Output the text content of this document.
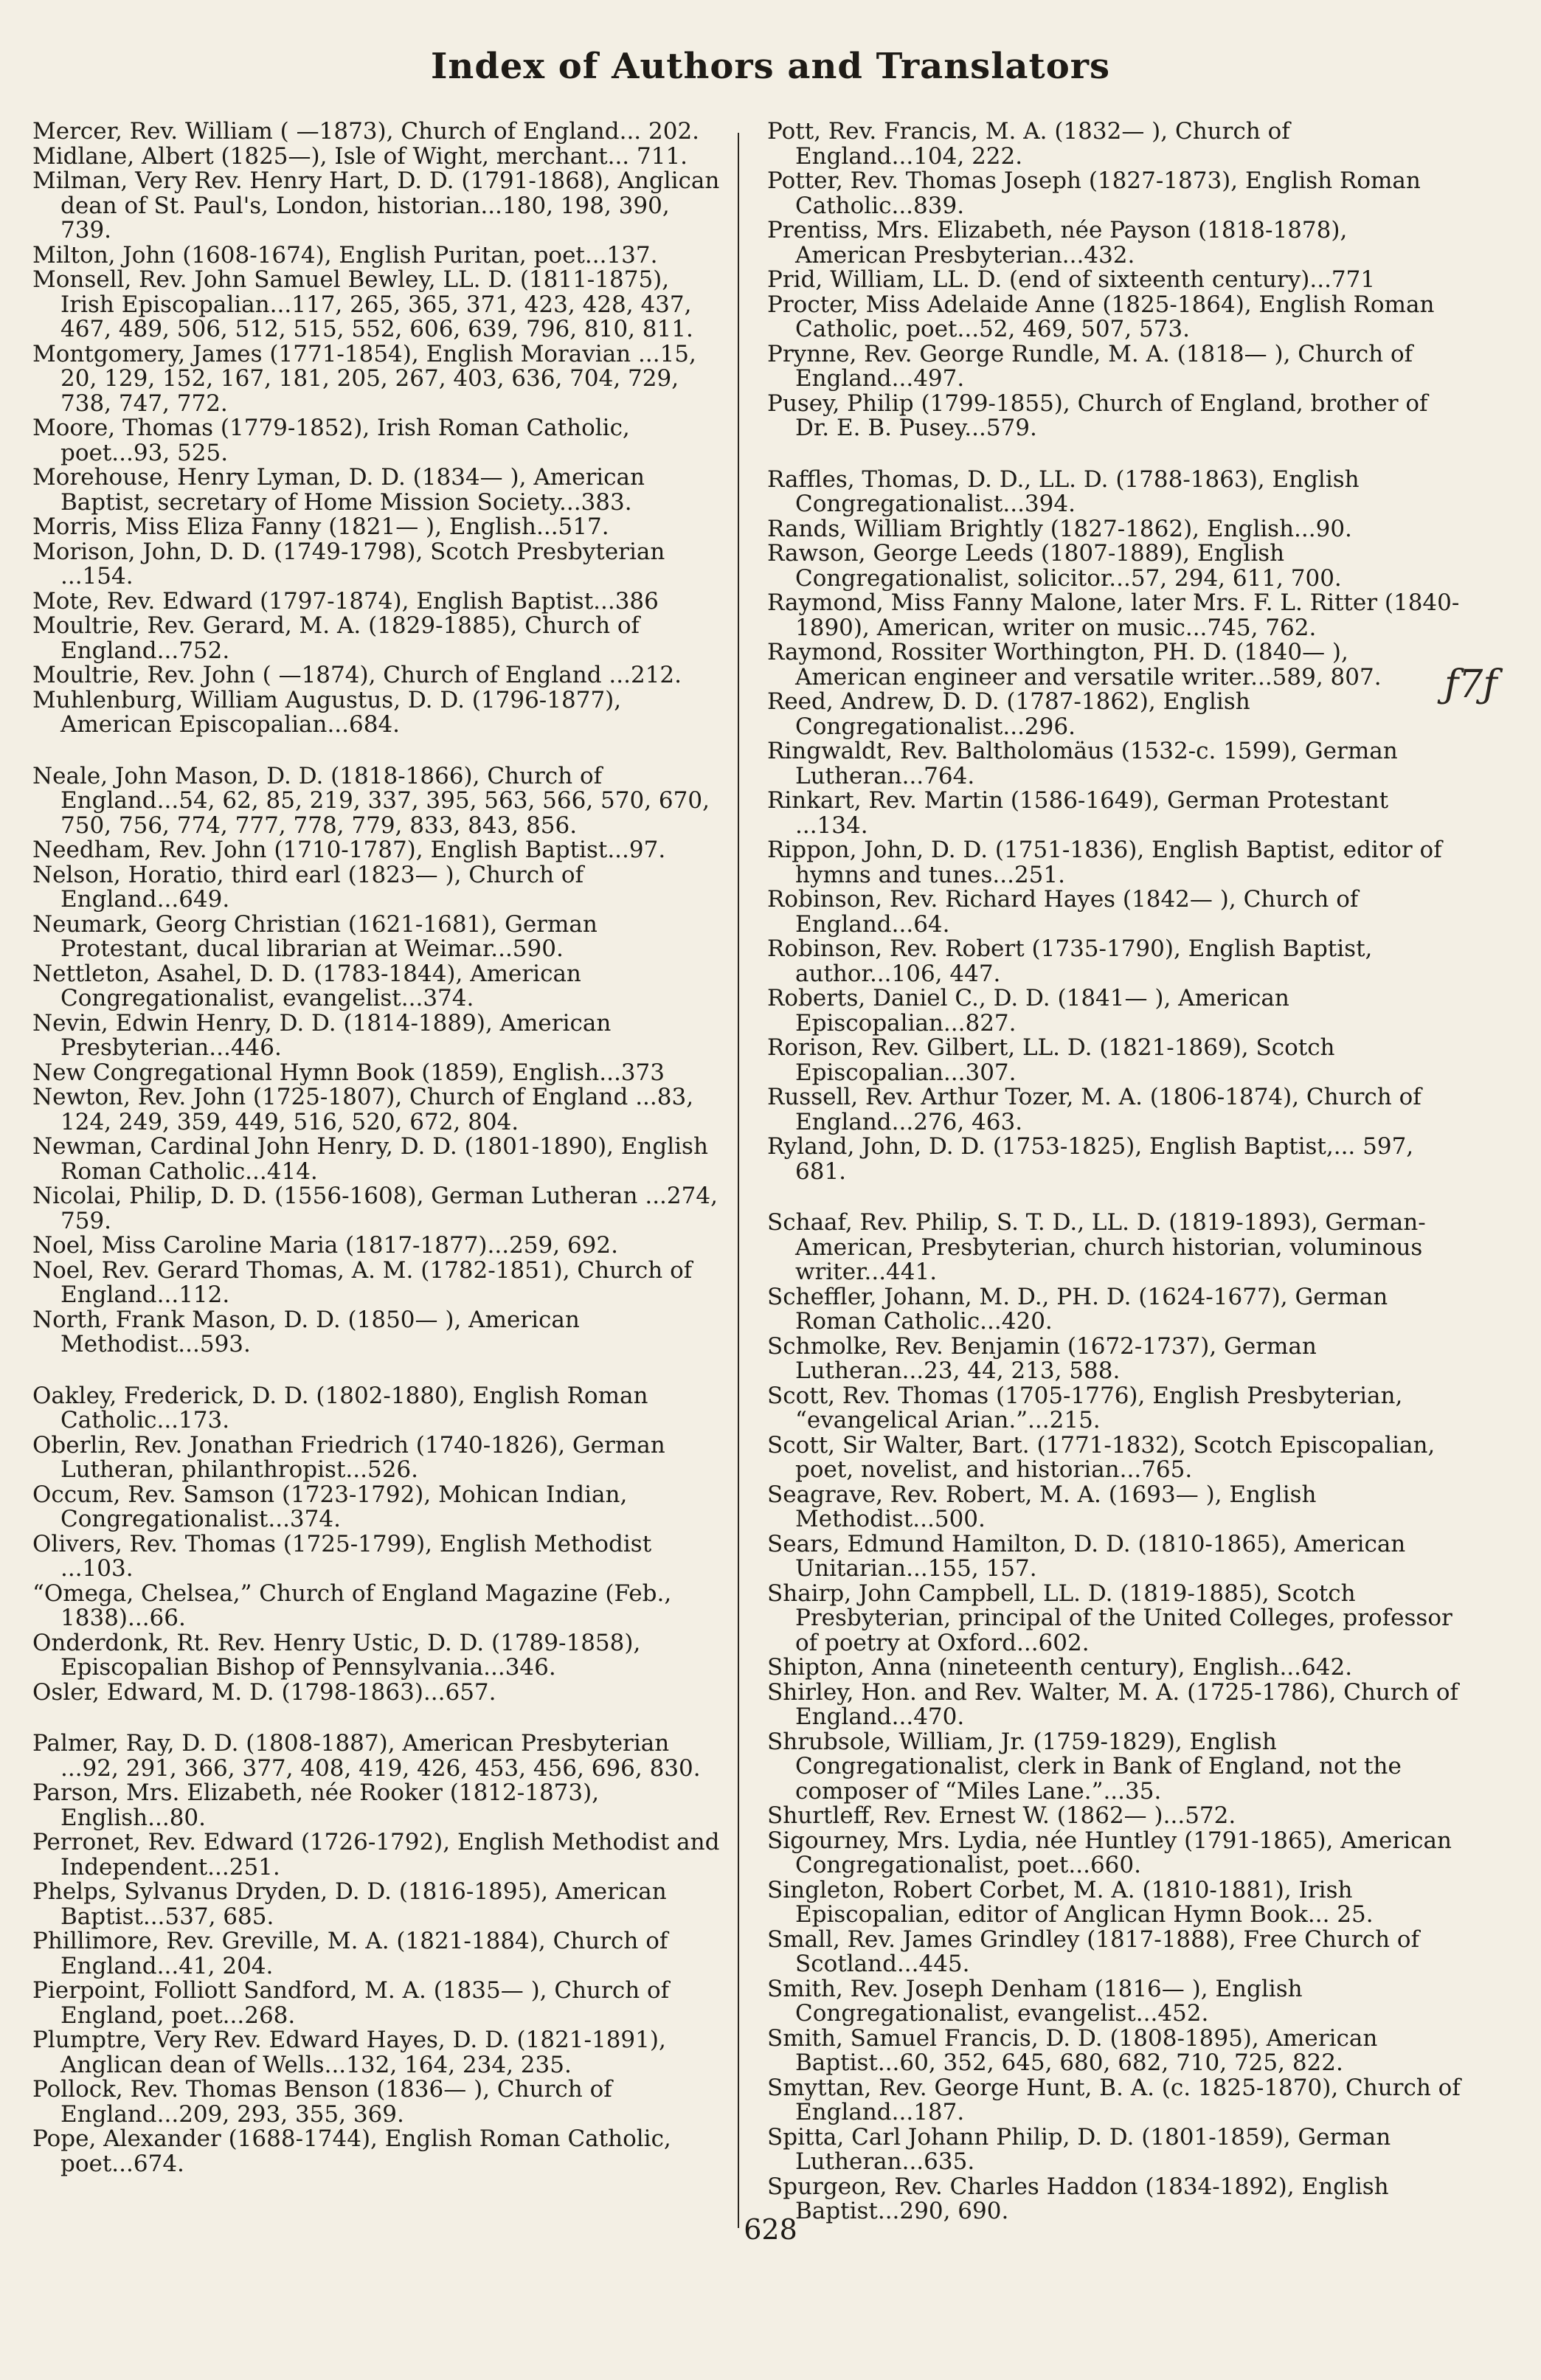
Index of Authors and Translators

Mercer, Rev. William ( —1873), Church of England... 202.

Midlane, Albert (1825—), Isle of Wight, merchant... 711.

Milman, Very Rev. Henry Hart, D. D. (1791-1868), Anglican dean of St. Paul's, London, historian...180, 198, 390, 739.

Milton, John (1608-1674), English Puritan, poet...137.

Monsell, Rev. John Samuel Bewley, LL. D. (1811-1875), Irish Episcopalian...117, 265, 365, 371, 423, 428, 437, 467, 489, 506, 512, 515, 552, 606, 639, 796, 810, 811.

Montgomery, James (1771-1854), English Moravian ...15, 20, 129, 152, 167, 181, 205, 267, 403, 636, 704, 729, 738, 747, 772.

Moore, Thomas (1779-1852), Irish Roman Catholic, poet...93, 525.

Morehouse, Henry Lyman, D. D. (1834— ), American Baptist, secretary of Home Mission Society...383.

Morris, Miss Eliza Fanny (1821— ), English...517.

Morison, John, D. D. (1749-1798), Scotch Presbyterian ...154.

Mote, Rev. Edward (1797-1874), English Baptist...386

Moultrie, Rev. Gerard, M. A. (1829-1885), Church of England...752.

Moultrie, Rev. John ( —1874), Church of England ...212.

Muhlenburg, William Augustus, D. D. (1796-1877), American Episcopalian...684.

Neale, John Mason, D. D. (1818-1866), Church of England...54, 62, 85, 219, 337, 395, 563, 566, 570, 670, 750, 756, 774, 777, 778, 779, 833, 843, 856.

Needham, Rev. John (1710-1787), English Baptist...97.

Nelson, Horatio, third earl (1823— ), Church of England...649.

Neumark, Georg Christian (1621-1681), German Protestant, ducal librarian at Weimar...590.

Nettleton, Asahel, D. D. (1783-1844), American Congregationalist, evangelist...374.

Nevin, Edwin Henry, D. D. (1814-1889), American Presbyterian...446.

New Congregational Hymn Book (1859), English...373

Newton, Rev. John (1725-1807), Church of England ...83, 124, 249, 359, 449, 516, 520, 672, 804.

Newman, Cardinal John Henry, D. D. (1801-1890), English Roman Catholic...414.

Nicolai, Philip, D. D. (1556-1608), German Lutheran ...274, 759.

Noel, Miss Caroline Maria (1817-1877)...259, 692.

Noel, Rev. Gerard Thomas, A. M. (1782-1851), Church of England...112.

North, Frank Mason, D. D. (1850— ), American Methodist...593.

Oakley, Frederick, D. D. (1802-1880), English Roman Catholic...173.

Oberlin, Rev. Jonathan Friedrich (1740-1826), German Lutheran, philanthropist...526.

Occum, Rev. Samson (1723-1792), Mohican Indian, Congregationalist...374.

Olivers, Rev. Thomas (1725-1799), English Methodist ...103.

“Omega, Chelsea,” Church of England Magazine (Feb., 1838)...66.

Onderdonk, Rt. Rev. Henry Ustic, D. D. (1789-1858), Episcopalian Bishop of Pennsylvania...346.

Osler, Edward, M. D. (1798-1863)...657.

Palmer, Ray, D. D. (1808-1887), American Presbyterian ...92, 291, 366, 377, 408, 419, 426, 453, 456, 696, 830.

Parson, Mrs. Elizabeth, née Rooker (1812-1873), English...80.

Perronet, Rev. Edward (1726-1792), English Methodist and Independent...251.

Phelps, Sylvanus Dryden, D. D. (1816-1895), American Baptist...537, 685.

Phillimore, Rev. Greville, M. A. (1821-1884), Church of England...41, 204.

Pierpoint, Folliott Sandford, M. A. (1835— ), Church of England, poet...268.

Plumptre, Very Rev. Edward Hayes, D. D. (1821-1891), Anglican dean of Wells...132, 164, 234, 235.

Pollock, Rev. Thomas Benson (1836— ), Church of England...209, 293, 355, 369.

Pope, Alexander (1688-1744), English Roman Catholic, poet...674.

Pott, Rev. Francis, M. A. (1832— ), Church of England...104, 222.

Potter, Rev. Thomas Joseph (1827-1873), English Roman Catholic...839.

Prentiss, Mrs. Elizabeth, née Payson (1818-1878), American Presbyterian...432.

Prid, William, LL. D. (end of sixteenth century)...771

Procter, Miss Adelaide Anne (1825-1864), English Roman Catholic, poet...52, 469, 507, 573.

Prynne, Rev. George Rundle, M. A. (1818— ), Church of England...497.

Pusey, Philip (1799-1855), Church of England, brother of Dr. E. B. Pusey...579.

Raffles, Thomas, D. D., LL. D. (1788-1863), English Congregationalist...394.

Rands, William Brightly (1827-1862), English...90.

Rawson, George Leeds (1807-1889), English Congregationalist, solicitor...57, 294, 611, 700.

Raymond, Miss Fanny Malone, later Mrs. F. L. Ritter (1840-1890), American, writer on music...745, 762.

Raymond, Rossiter Worthington, PH. D. (1840— ), American engineer and versatile writer...589, 807.

Reed, Andrew, D. D. (1787-1862), English Congregationalist...296.

Ringwaldt, Rev. Baltholomäus (1532-c. 1599), German Lutheran...764.

Rinkart, Rev. Martin (1586-1649), German Protestant ...134.

Rippon, John, D. D. (1751-1836), English Baptist, editor of hymns and tunes...251.

Robinson, Rev. Richard Hayes (1842— ), Church of England...64.

Robinson, Rev. Robert (1735-1790), English Baptist, author...106, 447.

Roberts, Daniel C., D. D. (1841— ), American Episcopalian...827.

Rorison, Rev. Gilbert, LL. D. (1821-1869), Scotch Episcopalian...307.

Russell, Rev. Arthur Tozer, M. A. (1806-1874), Church of England...276, 463.

Ryland, John, D. D. (1753-1825), English Baptist,... 597, 681.

Schaaf, Rev. Philip, S. T. D., LL. D. (1819-1893), German-American, Presbyterian, church historian, voluminous writer...441.

Scheffler, Johann, M. D., PH. D. (1624-1677), German Roman Catholic...420.

Schmolke, Rev. Benjamin (1672-1737), German Lutheran...23, 44, 213, 588.

Scott, Rev. Thomas (1705-1776), English Presbyterian, “evangelical Arian.”...215.

Scott, Sir Walter, Bart. (1771-1832), Scotch Episcopalian, poet, novelist, and historian...765.

Seagrave, Rev. Robert, M. A. (1693— ), English Methodist...500.

Sears, Edmund Hamilton, D. D. (1810-1865), American Unitarian...155, 157.

Shairp, John Campbell, LL. D. (1819-1885), Scotch Presbyterian, principal of the United Colleges, professor of poetry at Oxford...602.

Shipton, Anna (nineteenth century), English...642.

Shirley, Hon. and Rev. Walter, M. A. (1725-1786), Church of England...470.

Shrubsole, William, Jr. (1759-1829), English Congregationalist, clerk in Bank of England, not the composer of “Miles Lane.”...35.

Shurtleff, Rev. Ernest W. (1862— )...572.

Sigourney, Mrs. Lydia, née Huntley (1791-1865), American Congregationalist, poet...660.

Singleton, Robert Corbet, M. A. (1810-1881), Irish Episcopalian, editor of Anglican Hymn Book... 25.

Small, Rev. James Grindley (1817-1888), Free Church of Scotland...445.

Smith, Rev. Joseph Denham (1816— ), English Congregationalist, evangelist...452.

Smith, Samuel Francis, D. D. (1808-1895), American Baptist...60, 352, 645, 680, 682, 710, 725, 822.

Smyttan, Rev. George Hunt, B. A. (c. 1825-1870), Church of England...187.

Spitta, Carl Johann Philip, D. D. (1801-1859), German Lutheran...635.

Spurgeon, Rev. Charles Haddon (1834-1892), English Baptist...290, 690.

ƒ7ƒ
628
